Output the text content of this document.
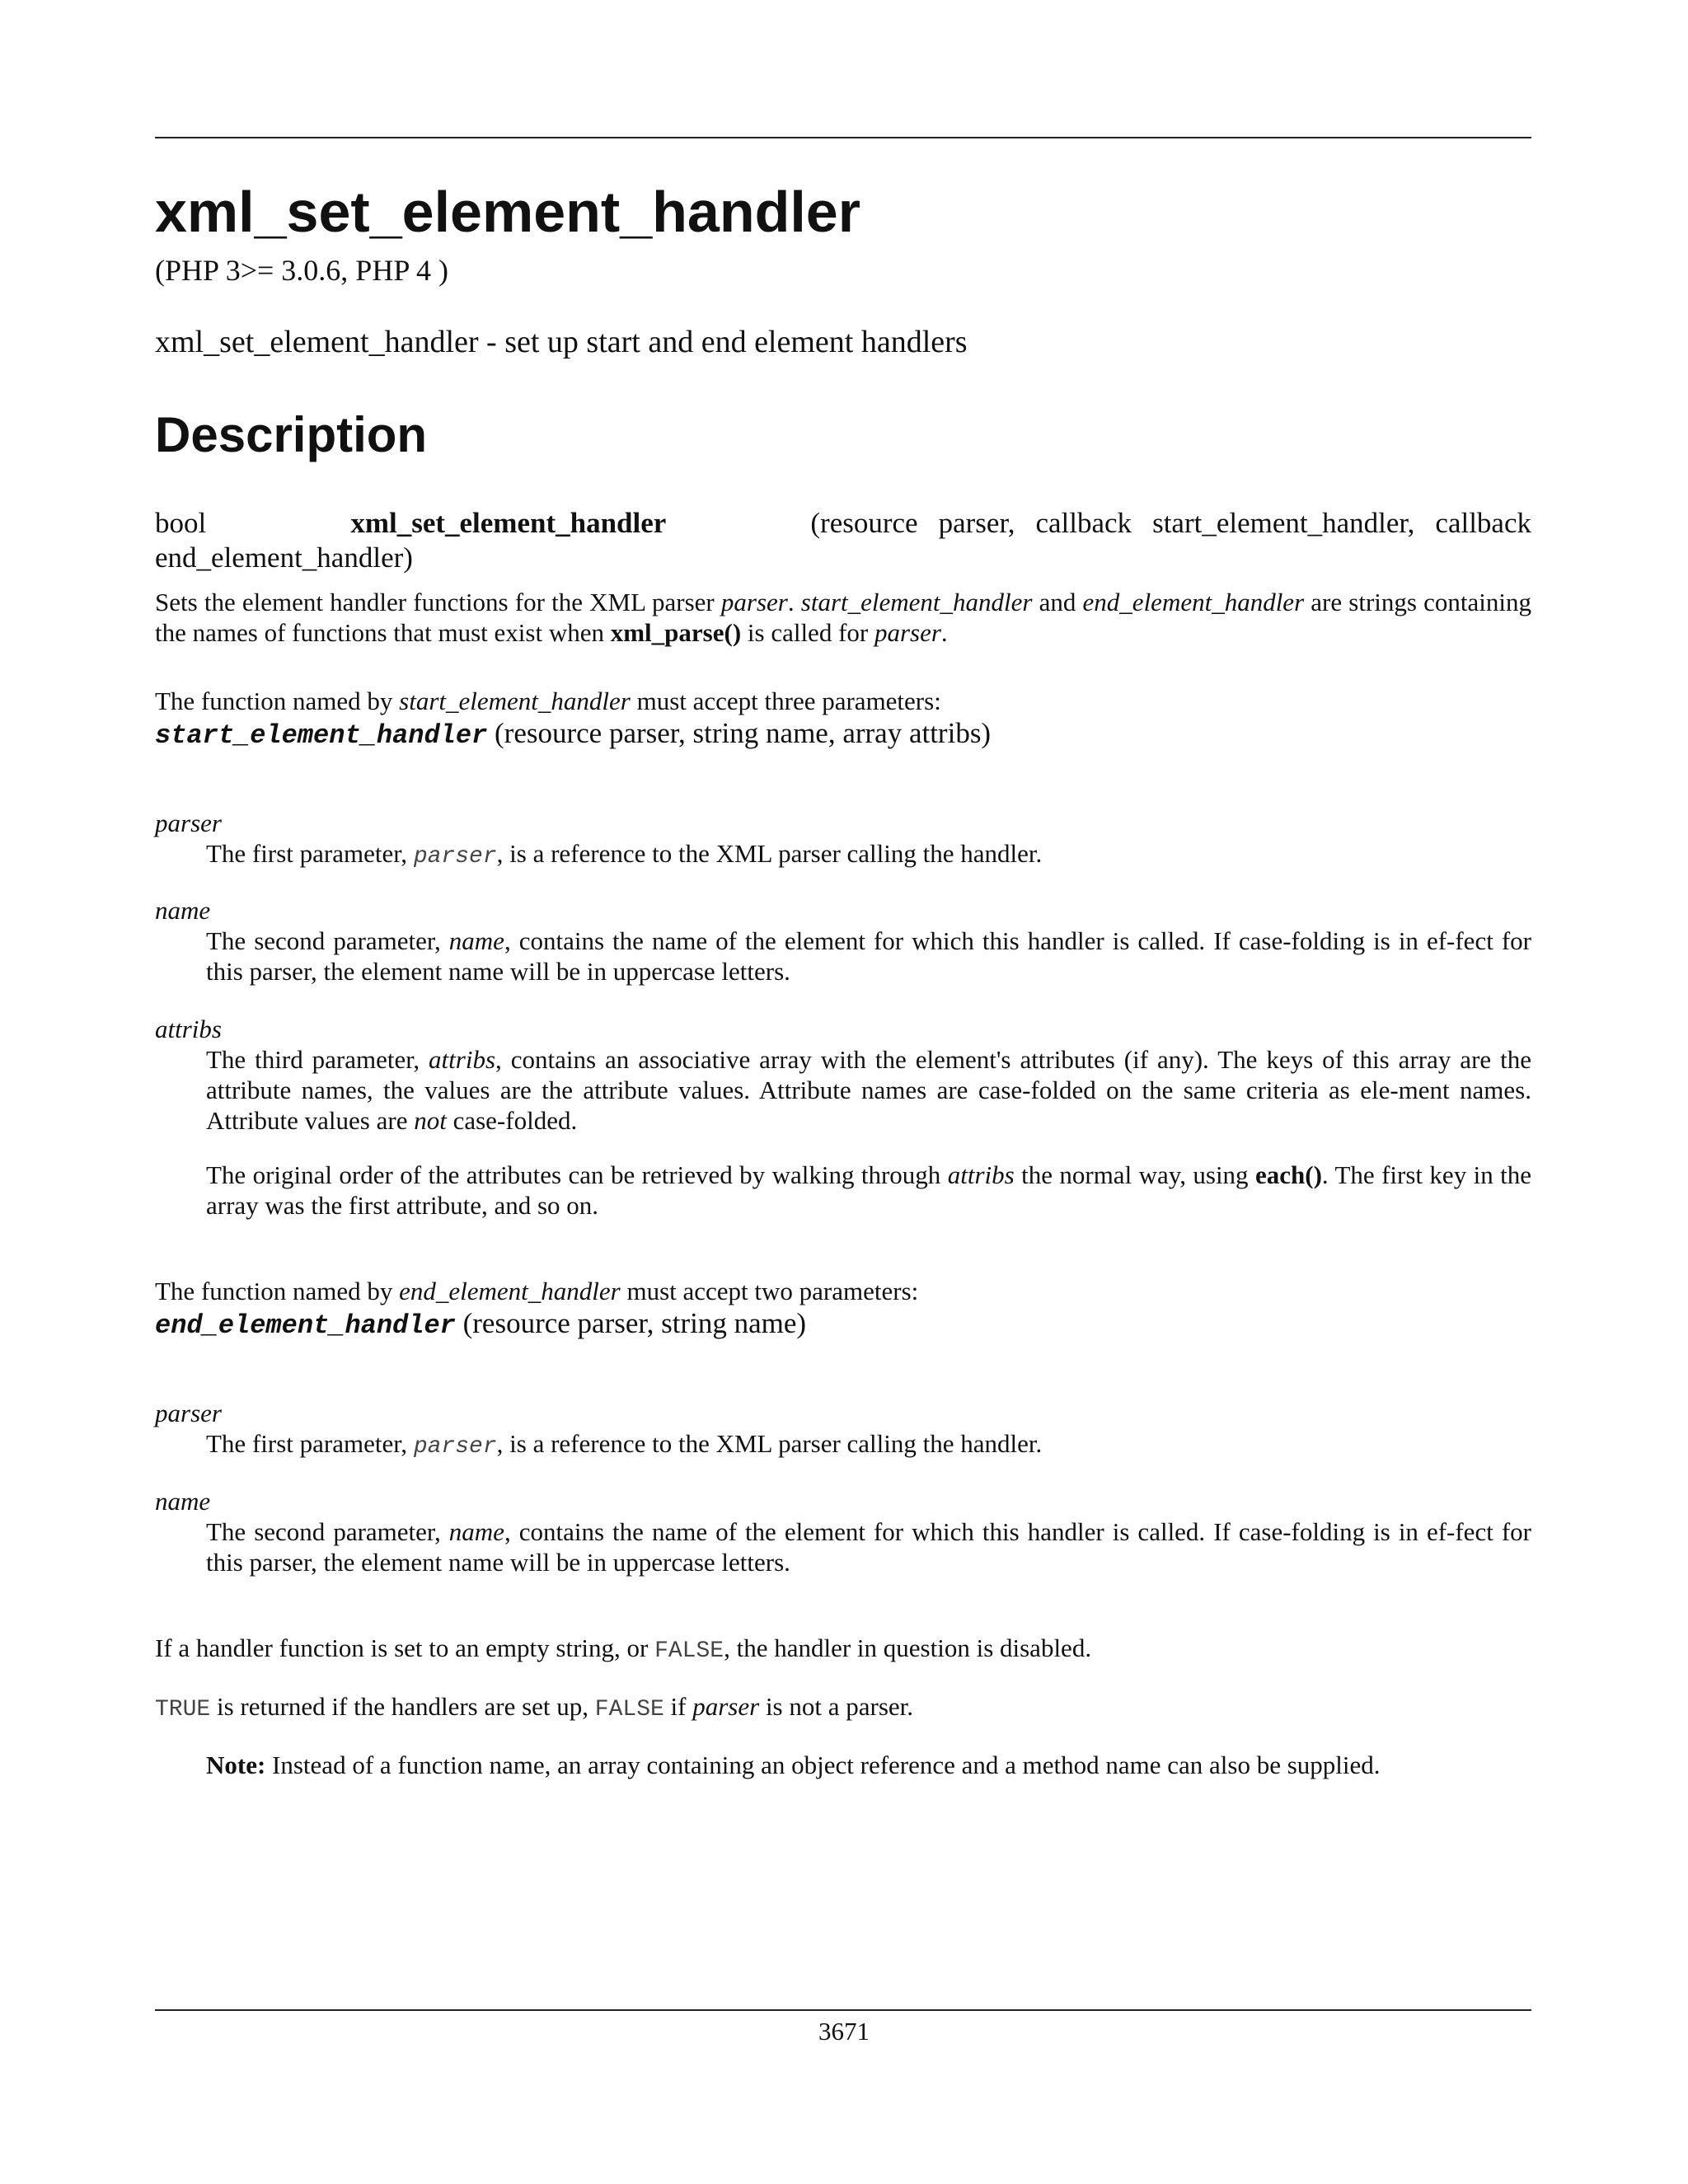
xml_set_element_handler
(PHP 3>= 3.0.6, PHP 4 )
xml_set_element_handler - set up start and end element handlers
Description
bool	xml_set_element_handler	(resource parser, callback start_element_handler, callback end_element_handler)
Sets the element handler functions for the XML parser parser. start_element_handler and end_element_handler are strings containing the names of functions that must exist when xml_parse() is called for parser.
The function named by start_element_handler must accept three parameters:
start_element_handler (resource parser, string name, array attribs)
parser
The first parameter, parser, is a reference to the XML parser calling the handler.
name
The second parameter, name, contains the name of the element for which this handler is called. If case-folding is in ef-fect for this parser, the element name will be in uppercase letters.
attribs
The third parameter, attribs, contains an associative array with the element's attributes (if any). The keys of this array are the attribute names, the values are the attribute values. Attribute names are case-folded on the same criteria as ele-ment names. Attribute values are not case-folded.
The original order of the attributes can be retrieved by walking through attribs the normal way, using each(). The first key in the array was the first attribute, and so on.
The function named by end_element_handler must accept two parameters:
end_element_handler (resource parser, string name)
parser
The first parameter, parser, is a reference to the XML parser calling the handler.
name
The second parameter, name, contains the name of the element for which this handler is called. If case-folding is in ef-fect for this parser, the element name will be in uppercase letters.
If a handler function is set to an empty string, or FALSE, the handler in question is disabled.
TRUE is returned if the handlers are set up, FALSE if parser is not a parser.
Note: Instead of a function name, an array containing an object reference and a method name can also be supplied.
3671
